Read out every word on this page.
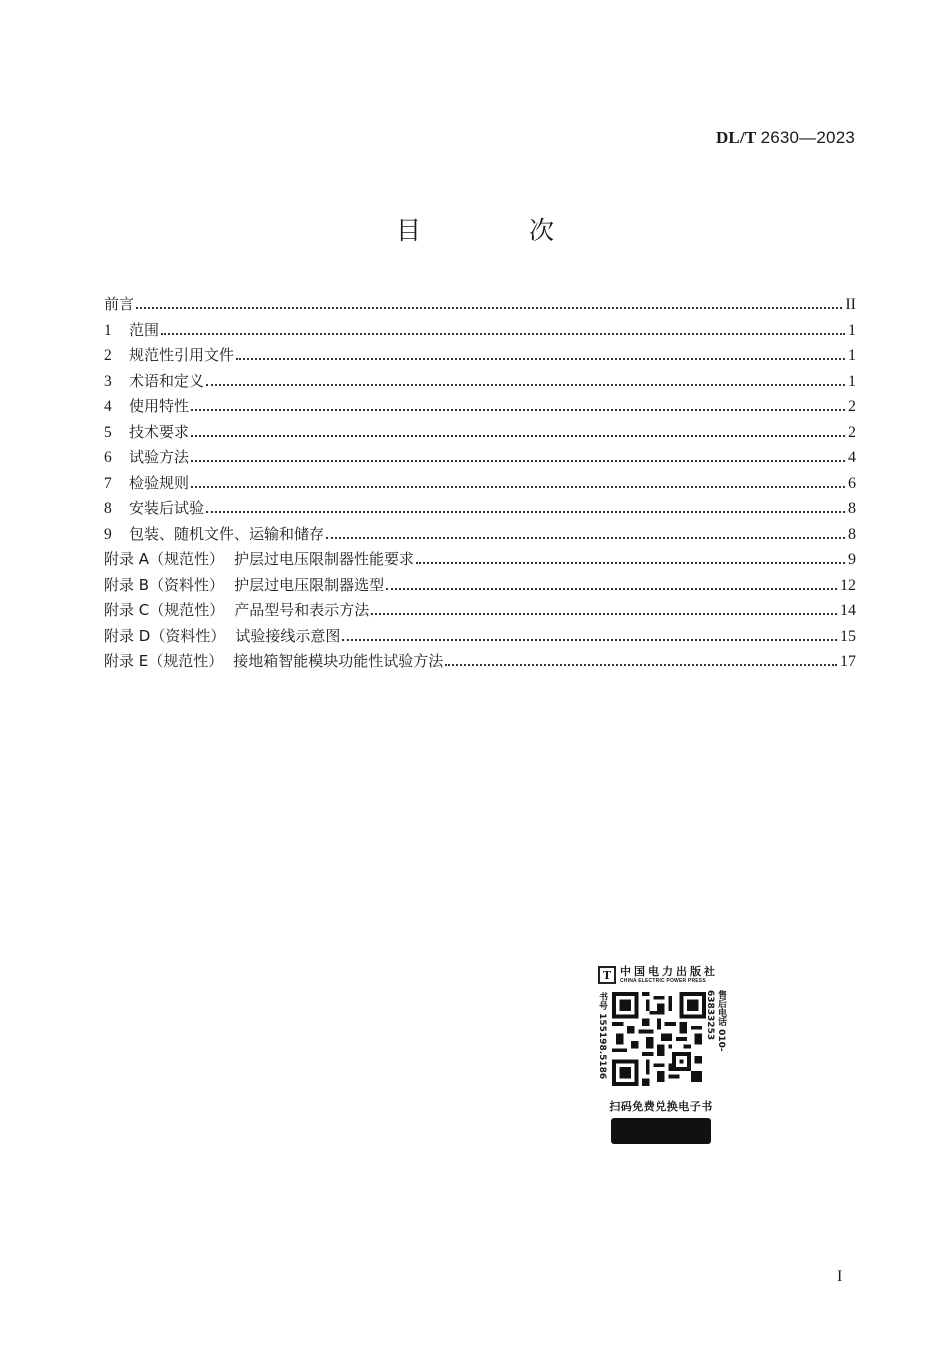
DL/T 2630—2023
目 次
前言	II
1	范围	1
2	规范性引用文件	1
3	术语和定义	1
4	使用特性	2
5	技术要求	2
6	试验方法	4
7	检验规则	6
8	安装后试验	8
9	包装、随机文件、运输和储存	8
附录 A（规范性） 护层过电压限制器性能要求	9
附录 B（资料性） 护层过电压限制器选型	12
附录 C（规范性） 产品型号和表示方法	14
附录 D（资料性） 试验接线示意图	15
附录 E（规范性） 接地箱智能模块功能性试验方法	17
T 中国电力出版社
CHINA ELECTRIC POWER PRESS
书号 155198.5186	售后电话 010-63833253
扫码免费兑换电子书
I
